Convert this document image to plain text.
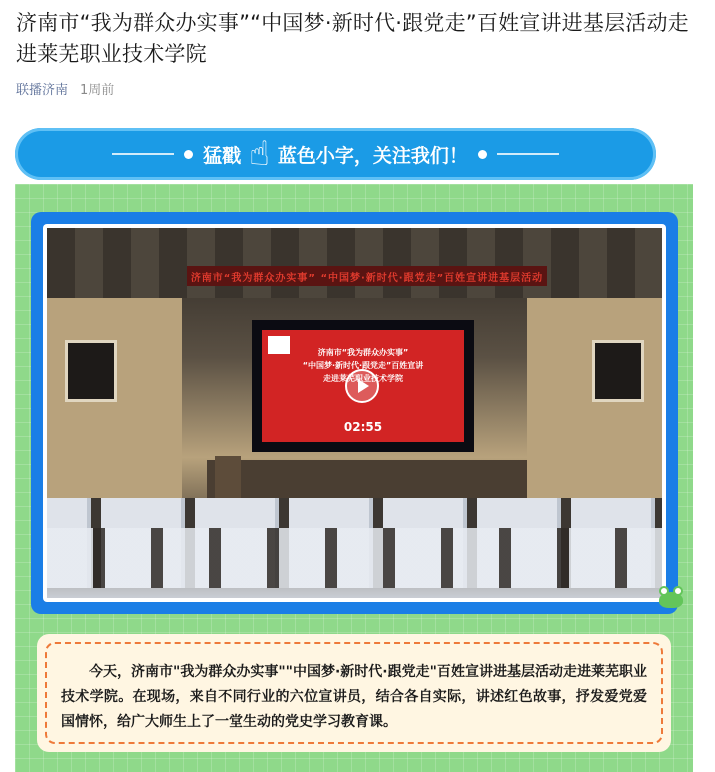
济南市“我为群众办实事”“中国梦·新时代·跟党走”百姓宣讲进基层活动走进莱芜职业技术学院
联播济南 1周前
猛戳 ☝ 蓝色小字，关注我们！
济南市“我为群众办实事” “中国梦·新时代·跟党走”百姓宣讲进基层活动
济南市“我为群众办实事”
“中国梦·新时代·跟党走”百姓宣讲
走进莱芜职业技术学院
02:55
今天，济南市"我为群众办实事""中国梦·新时代·跟党走"百姓宣讲进基层活动走进莱芜职业技术学院。在现场，来自不同行业的六位宣讲员，结合各自实际，讲述红色故事，抒发爱党爱国情怀，给广大师生上了一堂生动的党史学习教育课。
